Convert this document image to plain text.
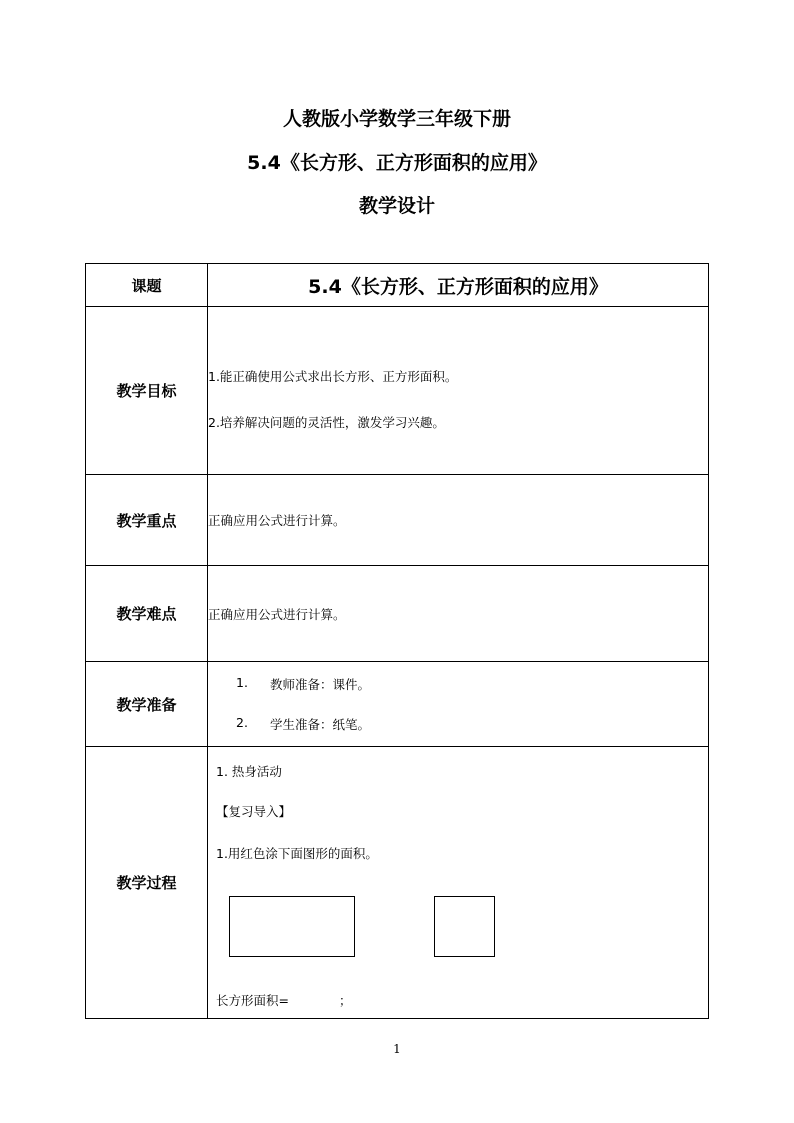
人教版小学数学三年级下册
5.4《长方形、正方形面积的应用》
教学设计
课题	5.4《长方形、正方形面积的应用》
教学目标	1.能正确使用公式求出长方形、正方形面积。

2.培养解决问题的灵活性，激发学习兴趣。

教学重点	正确应用公式进行计算。
教学难点	正确应用公式进行计算。
教学准备	1. 教师准备：课件。
2. 学生准备：纸笔。

教学过程	1. 热身活动
【复习导入】
1.用红色涂下面图形的面积。
长方形面积= ；
1
